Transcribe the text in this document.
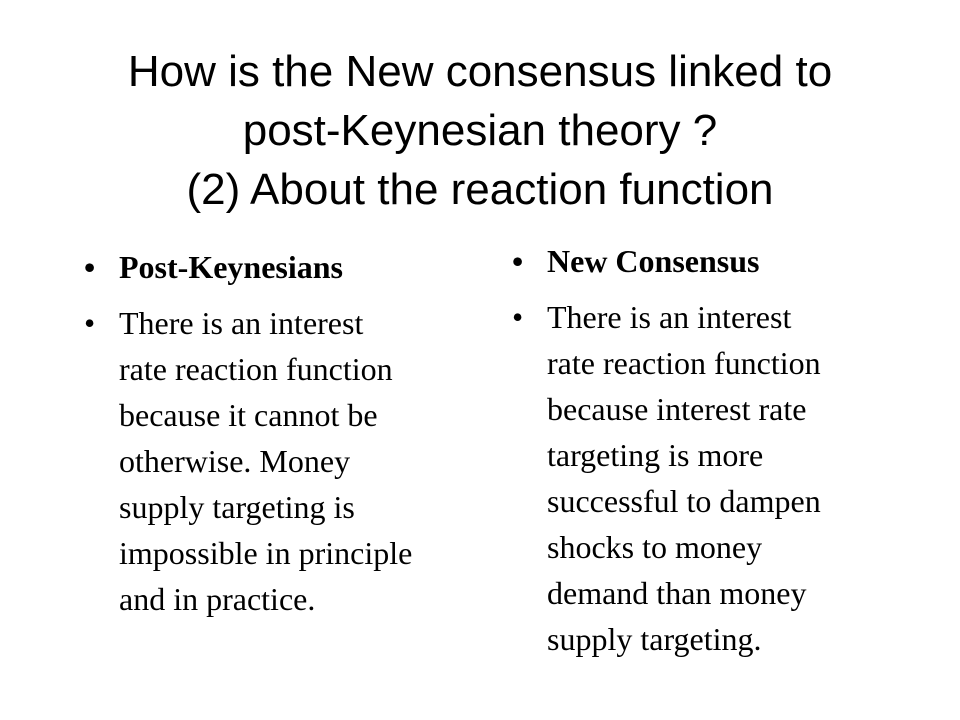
How is the New consensus linked to
post-Keynesian theory ?
(2) About the reaction function
• Post-Keynesians
• There is an interest
rate reaction function
because it cannot be
otherwise. Money
supply targeting is
impossible in principle
and in practice.
• New Consensus
• There is an interest
rate reaction function
because interest rate
targeting is more
successful to dampen
shocks to money
demand than money
supply targeting.
